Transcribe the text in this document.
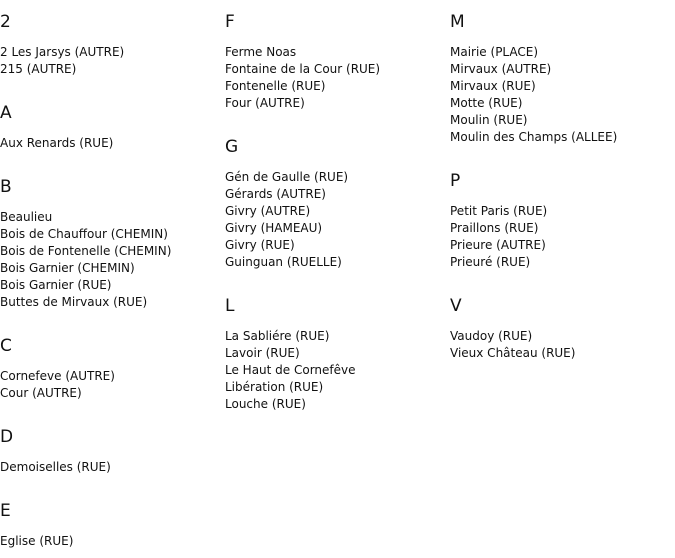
2
2 Les Jarsys (AUTRE)
215 (AUTRE)
A
Aux Renards (RUE)
B
Beaulieu
Bois de Chauffour (CHEMIN)
Bois de Fontenelle (CHEMIN)
Bois Garnier (CHEMIN)
Bois Garnier (RUE)
Buttes de Mirvaux (RUE)
C
Cornefeve (AUTRE)
Cour (AUTRE)
D
Demoiselles (RUE)
E
Eglise (RUE)
F
Ferme Noas
Fontaine de la Cour (RUE)
Fontenelle (RUE)
Four (AUTRE)
G
Gén de Gaulle (RUE)
Gérards (AUTRE)
Givry (AUTRE)
Givry (HAMEAU)
Givry (RUE)
Guinguan (RUELLE)
L
La Sabliére (RUE)
Lavoir (RUE)
Le Haut de Cornefêve
Libération (RUE)
Louche (RUE)
M
Mairie (PLACE)
Mirvaux (AUTRE)
Mirvaux (RUE)
Motte (RUE)
Moulin (RUE)
Moulin des Champs (ALLEE)
P
Petit Paris (RUE)
Praillons (RUE)
Prieure (AUTRE)
Prieuré (RUE)
V
Vaudoy (RUE)
Vieux Château (RUE)
